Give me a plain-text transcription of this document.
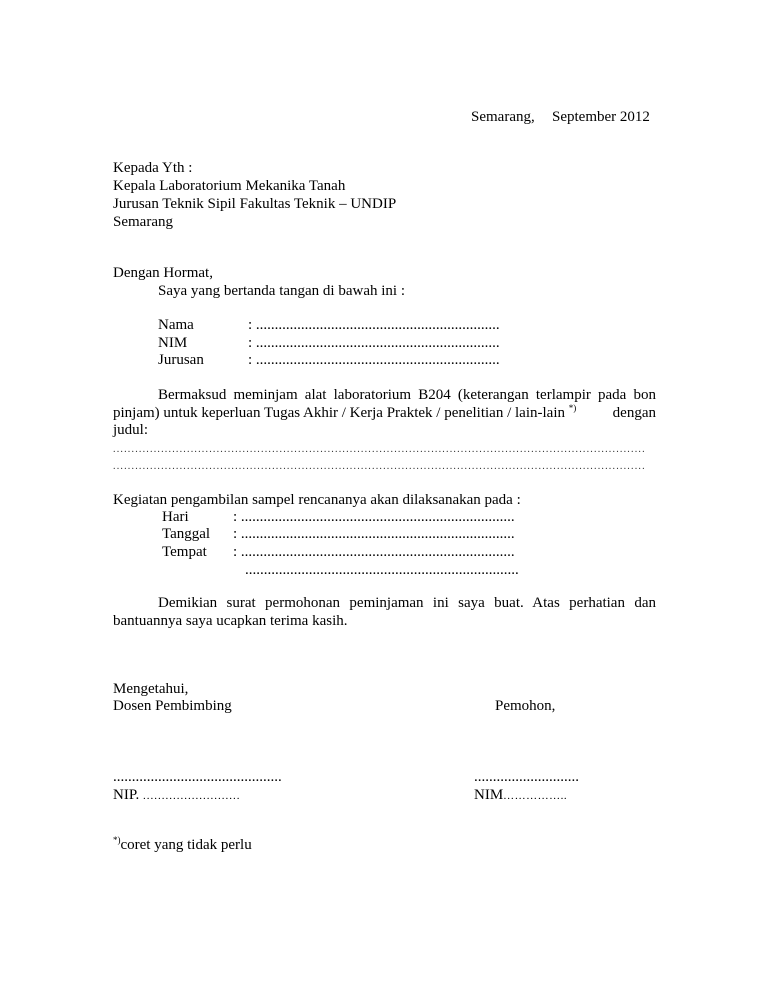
Semarang, September 2012
Kepada Yth :
Kepala Laboratorium Mekanika Tanah
Jurusan Teknik Sipil Fakultas Teknik – UNDIP
Semarang
Dengan Hormat,
Saya yang bertanda tangan di bawah ini :
Nama	: .................................................................
NIM	: .................................................................
Jurusan	: .................................................................
Bermaksud meminjam alat laboratorium B204 (keterangan terlampir pada bon
pinjam) untuk keperluan Tugas Akhir / Kerja Praktek / penelitian / lain-lain *) dengan
judul:
................................................................................................................................................
................................................................................................................................................
Kegiatan pengambilan sampel rencananya akan dilaksanakan pada :
Hari	: .........................................................................
Tanggal : .........................................................................
Tempat : .........................................................................
.........................................................................
Demikian surat permohonan peminjaman ini saya buat. Atas perhatian dan
bantuannya saya ucapkan terima kasih.
Mengetahui,
Dosen Pembimbing	Pemohon,
.............................................	............................
NIP. ..........................	NIM……………..
*)coret yang tidak perlu
